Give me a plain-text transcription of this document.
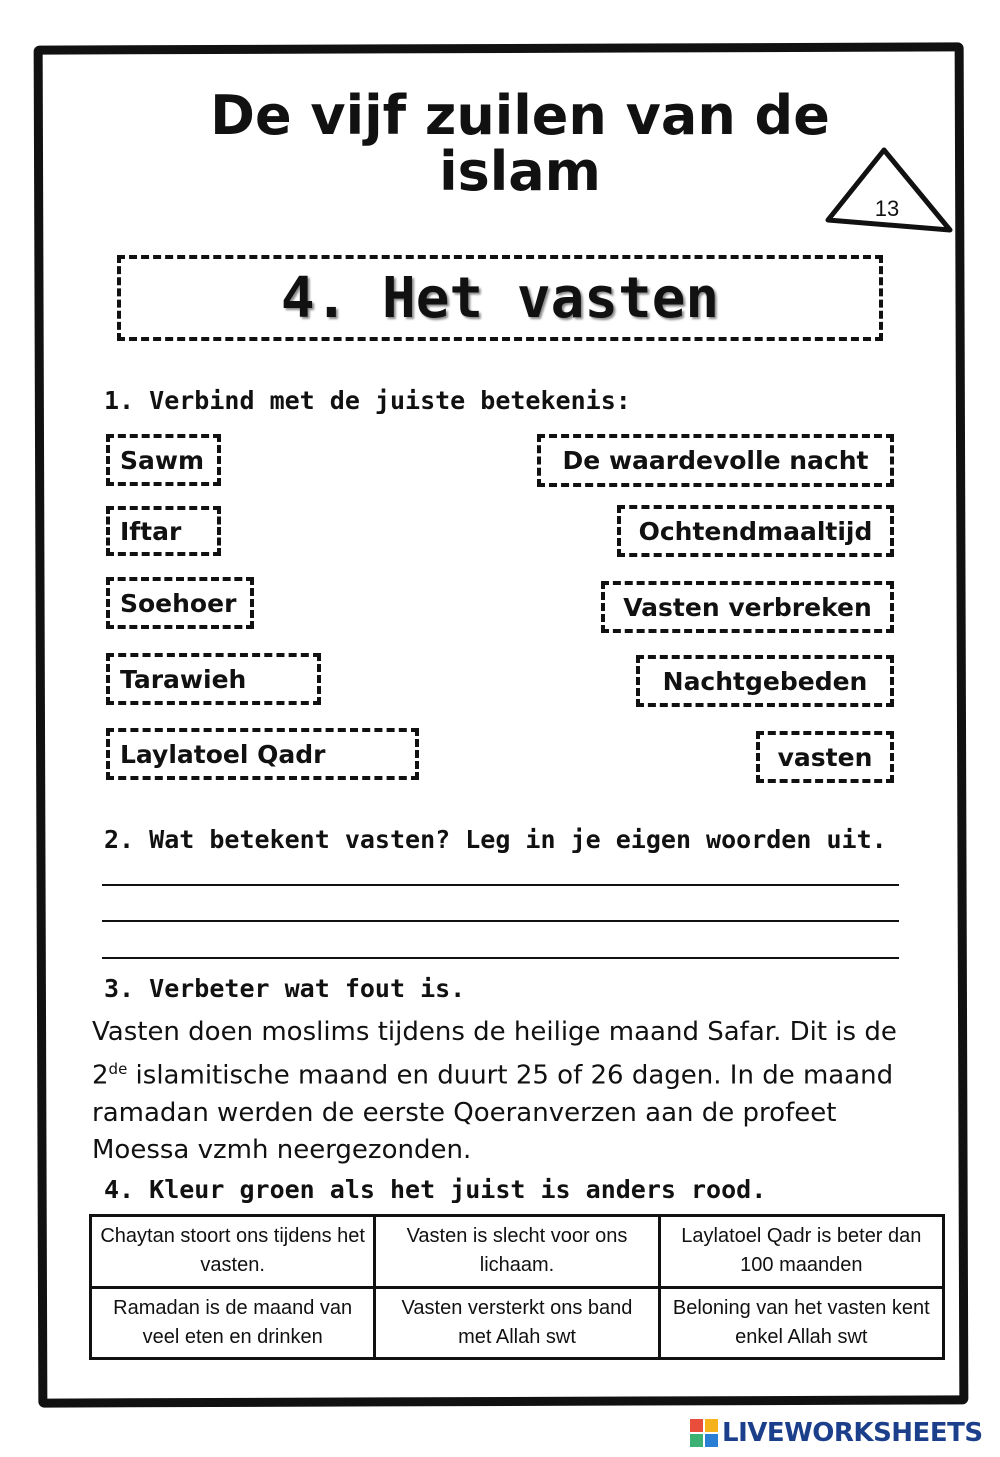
De vijf zuilen van de
islam
13
4. Het vasten
1. Verbind met de juiste betekenis:
Sawm
Iftar
Soehoer
Tarawieh
Laylatoel Qadr
De waardevolle nacht
Ochtendmaaltijd
Vasten verbreken
Nachtgebeden
vasten
2. Wat betekent vasten? Leg in je eigen woorden uit.
3. Verbeter wat fout is.

Vasten doen moslims tijdens de heilige maand Safar. Dit is de

2de islamitische maand en duurt 25 of 26 dagen. In de maand

ramadan werden de eerste Qoeranverzen aan de profeet

Moessa vzmh neergezonden.

4. Kleur groen als het juist is anders rood.
Chaytan stoort ons tijdens het vasten.	Vasten is slecht voor ons lichaam.	Laylatoel Qadr is beter dan 100 maanden
Ramadan is de maand van veel eten en drinken	Vasten versterkt ons band met Allah swt	Beloning van het vasten kent enkel Allah swt
LIVEWORKSHEETS
